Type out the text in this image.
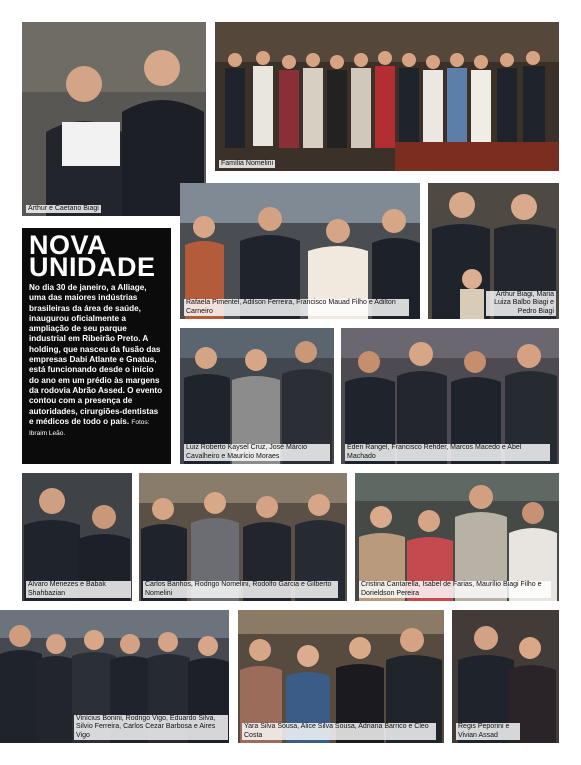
Arthur e Caetano Biagi
Família Nomelini
NOVA
UNIDADE

No dia 30 de janeiro, a Alliage, uma das maiores indústrias brasileiras da área de saúde, inaugurou oficialmente a ampliação de seu parque industrial em Ribeirão Preto. A holding, que nasceu da fusão das empresas Dabi Atlante e Gnatus, está funcionando desde o início do ano em um prédio às margens da rodovia Abrão Assed. O evento contou com a presença de autoridades, cirurgiões-dentistas e médicos de todo o país. Fotos: Ibraim Leão.

Rafaela Pimentel, Adilson Ferreira, Francisco Mauad Filho e Adilton Carneiro
Arthur Biagi, Maria Luiza Balbo Biagi e Pedro Biagi
Luiz Roberto Kaysel Cruz, José Márcio Cavalheiro e Maurício Moraes
Eden Rangel, Francisco Rehder, Marcos Macedo e Abel Machado
Álvaro Menezes e Babak Shahbazian
Carlos Banhos, Rodrigo Nomelini, Rodolfo Garcia e Gilberto Nomelini
Cristina Cantarella, Isabel de Farias, Maurílio Biagi Filho e Dorieldson Pereira
Vinícius Bonini, Rodrigo Vigo, Eduardo Silva, Silvio Ferreira, Carlos Cezar Barbosa e Aires Vigo
Yara Silva Sousa, Alice Silva Sousa, Adriana Barrico e Cleo Costa
Regis Peporini e Vivian Assad
